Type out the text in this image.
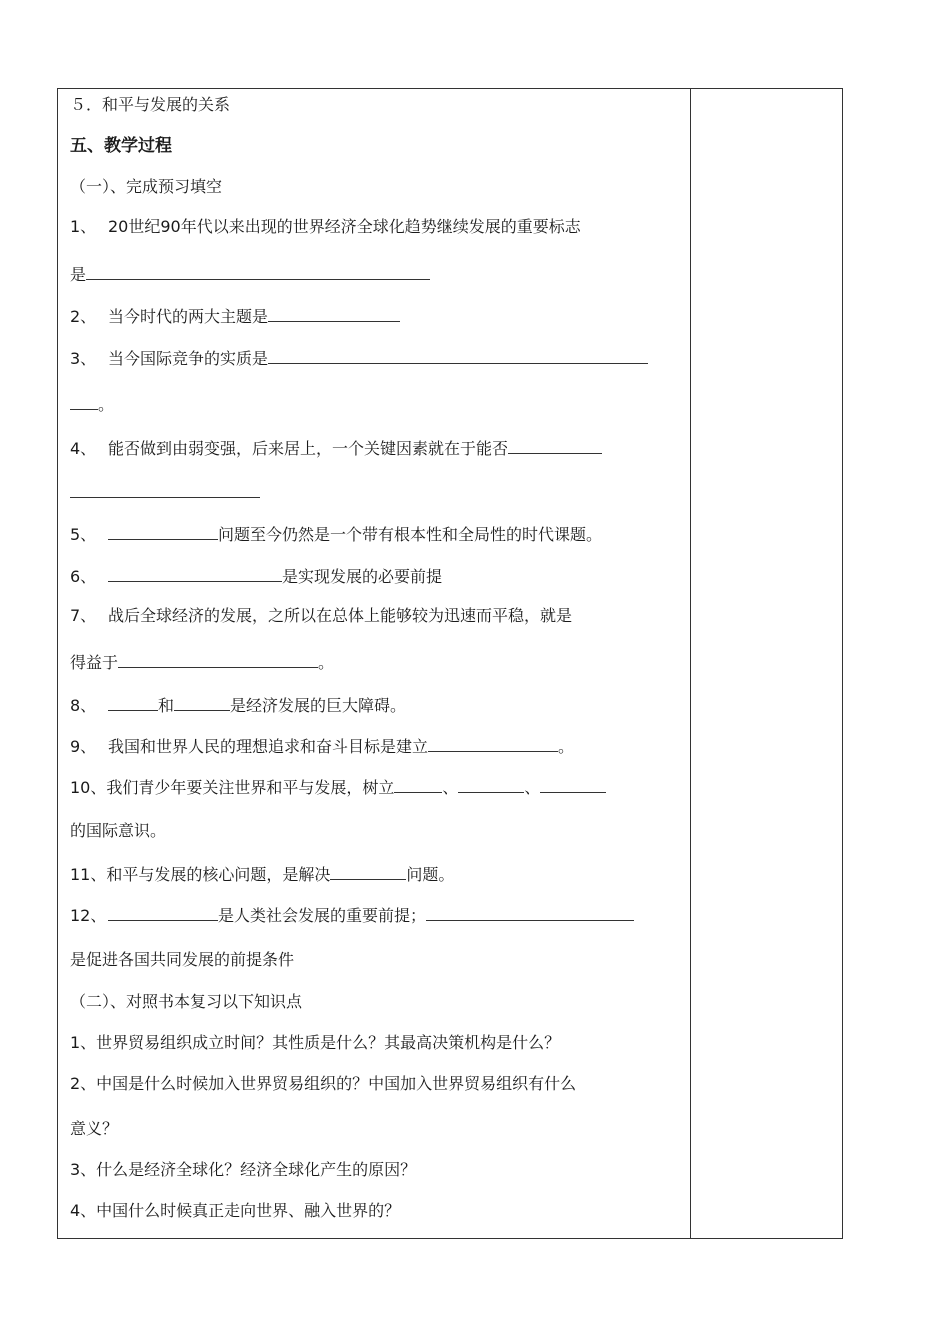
５．和平与发展的关系
五、教学过程
（一）、完成预习填空
1、 20世纪90年代以来出现的世界经济全球化趋势继续发展的重要标志
是
2、 当今时代的两大主题是
3、 当今国际竞争的实质是
。
4、 能否做到由弱变强，后来居上，一个关键因素就在于能否
5、	问题至今仍然是一个带有根本性和全局性的时代课题。
6、	是实现发展的必要前提
7、 战后全球经济的发展，之所以在总体上能够较为迅速而平稳，就是
得益于	。
8、	和	是经济发展的巨大障碍。
9、 我国和世界人民的理想追求和奋斗目标是建立	。
10、我们青少年要关注世界和平与发展，树立	、	、
的国际意识。
11、和平与发展的核心问题，是解决	问题。
12、	是人类社会发展的重要前提；
是促进各国共同发展的前提条件
（二）、对照书本复习以下知识点
1、世界贸易组织成立时间？其性质是什么？其最高决策机构是什么？
2、中国是什么时候加入世界贸易组织的？中国加入世界贸易组织有什么
意义？
3、什么是经济全球化？经济全球化产生的原因？
4、中国什么时候真正走向世界、融入世界的？
